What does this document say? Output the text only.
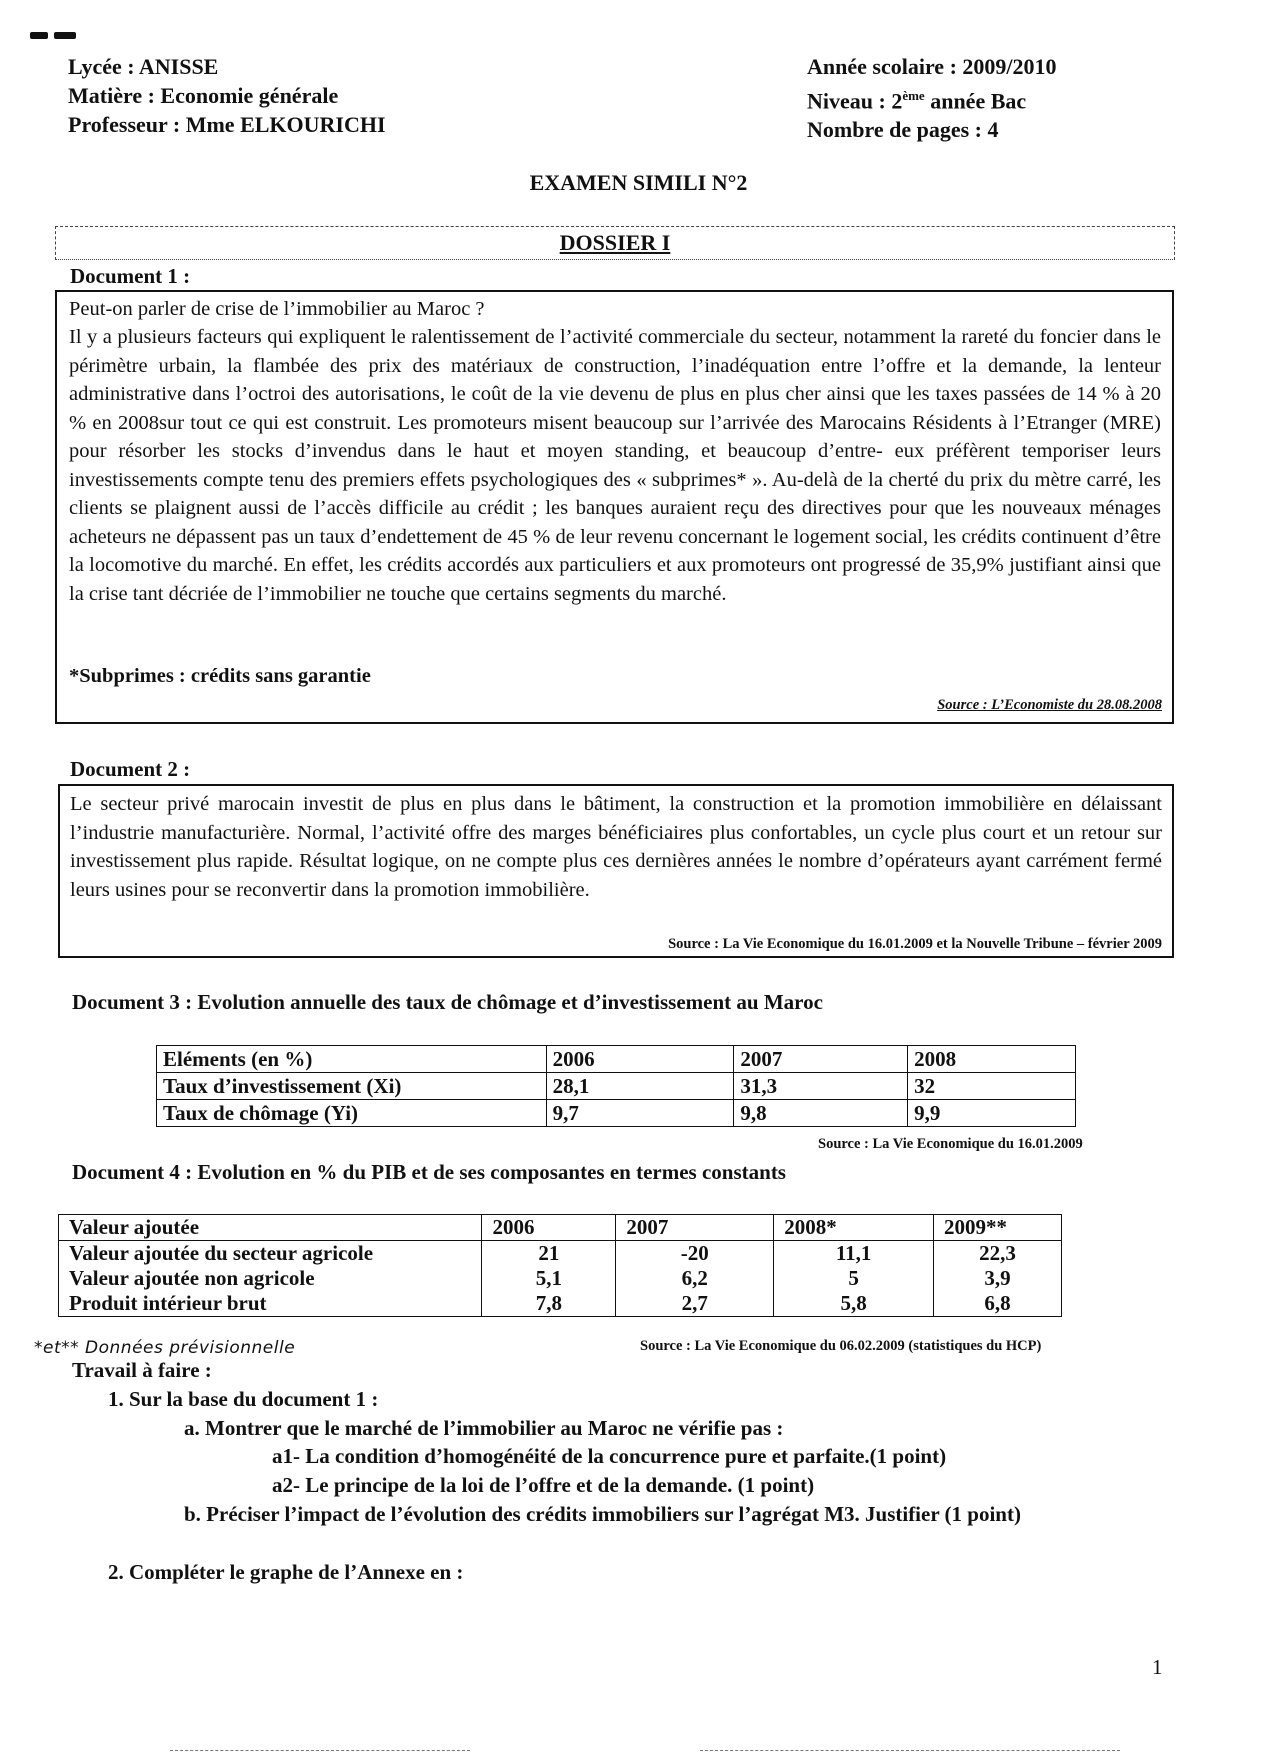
Lycée : ANISSE
Matière : Economie générale
Professeur : Mme ELKOURICHI
Année scolaire : 2009/2010
Niveau : 2ème année Bac
Nombre de pages : 4
EXAMEN SIMILI N°2
DOSSIER I
Document 1 :
Peut-on parler de crise de l’immobilier au Maroc ?
Il y a plusieurs facteurs qui expliquent le ralentissement de l’activité commerciale du secteur, notamment la rareté du foncier dans le périmètre urbain, la flambée des prix des matériaux de construction, l’inadéquation entre l’offre et la demande, la lenteur administrative dans l’octroi des autorisations, le coût de la vie devenu de plus en plus cher ainsi que les taxes passées de 14 % à 20 % en 2008sur tout ce qui est construit. Les promoteurs misent beaucoup sur l’arrivée des Marocains Résidents à l’Etranger (MRE) pour résorber les stocks d’invendus dans le haut et moyen standing, et beaucoup d’entre- eux préfèrent temporiser leurs investissements compte tenu des premiers effets psychologiques des « subprimes* ». Au-delà de la cherté du prix du mètre carré, les clients se plaignent aussi de l’accès difficile au crédit ; les banques auraient reçu des directives pour que les nouveaux ménages acheteurs ne dépassent pas un taux d’endettement de 45 % de leur revenu concernant le logement social, les crédits continuent d’être la locomotive du marché. En effet, les crédits accordés aux particuliers et aux promoteurs ont progressé de 35,9% justifiant ainsi que la crise tant décriée de l’immobilier ne touche que certains segments du marché.
*Subprimes : crédits sans garantie
Source : L’Economiste du 28.08.2008
Document 2 :
Le secteur privé marocain investit de plus en plus dans le bâtiment, la construction et la promotion immobilière en délaissant l’industrie manufacturière. Normal, l’activité offre des marges bénéficiaires plus confortables, un cycle plus court et un retour sur investissement plus rapide. Résultat logique, on ne compte plus ces dernières années le nombre d’opérateurs ayant carrément fermé leurs usines pour se reconvertir dans la promotion immobilière.
Source : La Vie Economique du 16.01.2009 et la Nouvelle Tribune – février 2009
Document 3 : Evolution annuelle des taux de chômage et d’investissement au Maroc
Eléments (en %)	2006	2007	2008
Taux d’investissement (Xi)	28,1	31,3	32
Taux de chômage (Yi)	9,7	9,8	9,9
Source : La Vie Economique du 16.01.2009
Document 4 : Evolution en % du PIB et de ses composantes en termes constants
Valeur ajoutée	2006	2007	2008*	2009**
Valeur ajoutée du secteur agricole	21	-20	11,1	22,3
Valeur ajoutée non agricole	5,1	6,2	5	3,9
Produit intérieur brut	7,8	2,7	5,8	6,8
*et** Données prévisionnelle	Source : La Vie Economique du 06.02.2009 (statistiques du HCP)
Travail à faire :
1. Sur la base du document 1 :
a. Montrer que le marché de l’immobilier au Maroc ne vérifie pas :
a1- La condition d’homogénéité de la concurrence pure et parfaite.(1 point)
a2- Le principe de la loi de l’offre et de la demande. (1 point)
b. Préciser l’impact de l’évolution des crédits immobiliers sur l’agrégat M3. Justifier (1 point)
2. Compléter le graphe de l’Annexe en :
1
